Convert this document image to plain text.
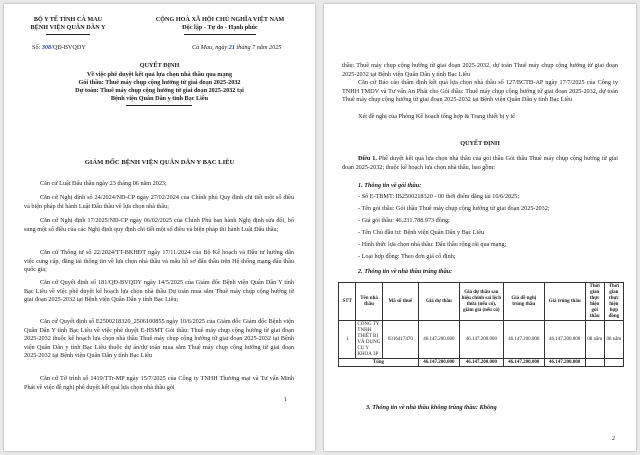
BỘ Y TẾ TỈNH CÀ MAU
BỆNH VIỆN QUÂN DÂN Y
CỘNG HOÀ XÃ HỘI CHỦ NGHĨA VIỆT NAM
Độc lập - Tự do - Hạnh phúc
Số: 308/QĐ-BVQDY	Cà Mau, ngày 21 tháng 7 năm 2025
QUYẾT ĐỊNH
Về việc phê duyệt kết quả lựa chọn nhà thầu qua mạng
Gói thầu: Thuê máy chụp cộng hưởng từ giai đoạn 2025-2032
Dự toán: Thuê máy chụp cộng hưởng từ giai đoạn 2025-2032 tại
Bệnh viện Quân Dân y tỉnh Bạc Liêu
GIÁM ĐỐC BỆNH VIỆN QUÂN DÂN Y BẠC LIÊU
Căn cứ Luật Đấu thầu ngày 23 tháng 06 năm 2023;
Căn cứ Nghị định số 24/2024/NĐ-CP ngày 27/02/2024 của Chính phủ Quy định chi tiết một số điều và biện pháp thi hành Luật Đấu thầu về lựa chọn nhà thầu;
Căn cứ Nghị định 17/2025/NĐ-CP ngày 06/02/2025 của Chính Phủ ban hành Nghị định sửa đổi, bổ sung một số điều của các Nghị định quy định chi tiết một số điều và biện pháp thi hành Luật Đấu thầu;
Căn cứ Thông tư số 22/2024/TT-BKHĐT ngày 17/11/2024 của Bộ Kế hoạch và Đầu tư hướng dẫn việc cung cấp, đăng tải thông tin về lựa chọn nhà thầu và mẫu hồ sơ đấu thầu trên Hệ thống mạng đấu thầu quốc gia;
Căn cứ Quyết định số 181/QĐ-BVQDY ngày 14/5/2025 của Giám đốc Bệnh viện Quân Dân Y tỉnh Bạc Liêu về việc phê duyệt kế hoạch lựa chọn nhà thầu Dự toán mua sắm Thuê máy chụp cộng hưởng từ giai đoạn 2025-2032 tại Bệnh viện Quân Dân y tỉnh Bạc Liêu;
Căn cứ Quyết định số E2500218320_2506100855 ngày 10/6/2025 của Giám đốc Giám đốc Bệnh viện Quân Dân Y tỉnh Bạc Liêu về việc phê duyệt E-HSMT Gói thầu: Thuê máy chụp cộng hưởng từ giai đoạn 2025-2032 thuộc kế hoạch lựa chọn nhà thầu Thuê máy chụp cộng hưởng từ giai đoạn 2025-2032 tại Bệnh viện Quân Dân y tỉnh Bạc Liêu thuộc dự án/dự toán mua sắm Thuê máy chụp cộng hưởng từ giai đoạn 2025-2032 tại Bệnh viện Quân Dân y tỉnh Bạc Liêu
Căn cứ Tờ trình số 1419/TTr-MP ngày 15/7/2025 của Công ty TNHH Thương mại và Tư vấn Minh Phát về việc đề nghị phê duyệt kết quả lựa chọn nhà thầu gói
1
thầu: Thuê máy chụp cộng hưởng từ giai đoạn 2025-2032, dự toán Thuê máy chụp cộng hưởng từ giai đoạn 2025-2032 tại Bệnh viện Quân Dân y tỉnh Bạc Liêu
Căn cứ Báo cáo thẩm định kết quả lựa chọn nhà thầu số 127/BCTĐ-AP ngày 17/7/2025 của Công ty TNHH TMDV và Tư vấn An Phát cho Gói thầu: Thuê máy chụp cộng hưởng từ giai đoạn 2025-2032, dự toán Thuê máy chụp cộng hưởng từ giai đoạn 2025-2032 tại Bệnh viện Quân Dân y tỉnh Bạc Liêu
Xét đề nghị của Phòng Kế hoạch tổng hợp & Trang thiết bị y tế
QUYẾT ĐỊNH
Điều 1. Phê duyệt kết quả lựa chọn nhà thầu của gói thầu Gói thầu Thuê máy chụp cộng hưởng từ giai đoạn 2025-2032; thuộc kế hoạch lựa chọn nhà thầu, bao gồm:
1. Thông tin về gói thầu:
- Số E-TBMT: IB2500218320 - 00 thời điểm đăng tải 10/6/2025;
- Tên gói thầu: Gói thầu Thuê máy chụp cộng hưởng từ giai đoạn 2025-2032;
- Giá gói thầu: 46.231.788.973 đồng;
- Tên Chủ đầu tư: Bệnh viện Quân Dân y Bạc Liêu
- Hình thức lựa chọn nhà thầu: Đấu thầu rộng rãi qua mạng;
- Loại hợp đồng: Theo đơn giá cố định;
2. Thông tin về nhà thầu trúng thầu:
STT	Tên nhà thầu	Mã số thuế	Giá dự thầu	Giá dự thầu sau hiệu chỉnh sai lệch thừa (nếu có), giảm giá (nếu có)	Giá đề nghị trúng thầu	Giá trúng thầu	Thời gian thực hiện gói thầu	Thời gian thực hiện hợp đồng
1	CÔNG TY TNHH THIẾT BỊ VÀ DỤNG CỤ Y KHOA 3P	0316417470	46.147.200.000	46.147.200.000	46.147.200.000	46.147.200.000	08 năm	08 năm
Tổng			46.147.200.000	46.147.200.000	46.147.200.000	46.147.200.000		
3. Thông tin về nhà thầu không trúng thầu: Không
2
